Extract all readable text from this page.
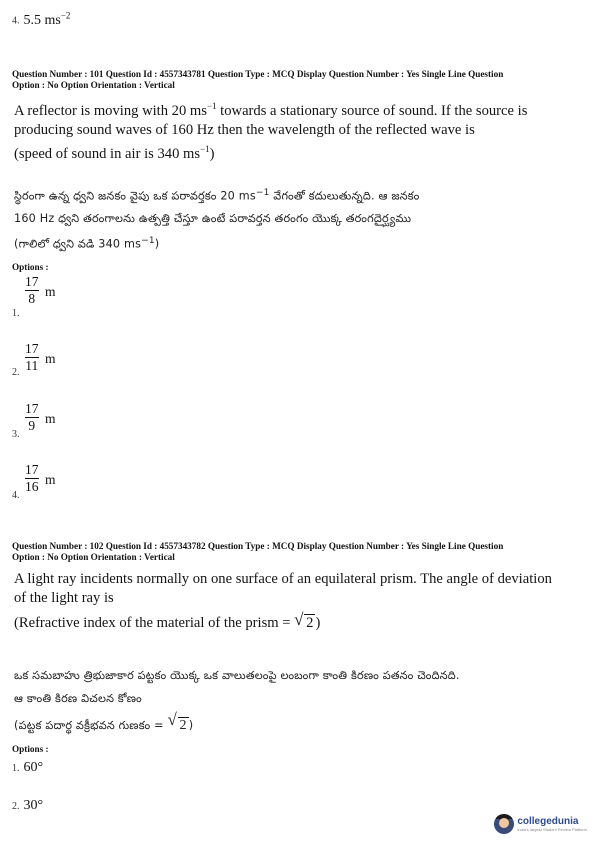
4. 5.5 $ms^{-2}$
Question Number : 101 Question Id : 4557343781 Question Type : MCQ Display Question Number : Yes Single Line Question
Option : No Option Orientation : Vertical
A reflector is moving with 20 $ms^{-1}$ towards a stationary source of sound. If the source is
producing sound waves of 160 Hz then the wavelength of the reflected wave is
(speed of sound in air is 340 $ms^{-1}$)
స్థిరంగా ఉన్న ధ్వని జనకం వైపు ఒక పరావర్తకం 20 $ms^{-1}$ వేగంతో కదులుతున్నది. ఆ జనకం
160 Hz ధ్వని తరంగాలను ఉత్పత్తి చేస్తూ ఉంటే పరావర్తన తరంగం యొక్క తరంగదైర్ఘ్యము
(గాలిలో ధ్వని వడి 340 $ms^{-1}$)
Options :
17
8 m
1.
17
11 m
2.
17
9 m
3.
17
16 m
4.
Question Number : 102 Question Id : 4557343782 Question Type : MCQ Display Question Number : Yes Single Line Question
Option : No Option Orientation : Vertical
A light ray incidents normally on one surface of an equilateral prism. The angle of deviation
of the light ray is
(Refractive index of the material of the prism = √ 2 )
ఒక సమబాహు త్రిభుజాకార పట్టకం యొక్క ఒక వాలుతలంపై లంబంగా కాంతి కిరణం పతనం చెందినది.
ఆ కాంతి కిరణ విచలన కోణం
(పట్టక పదార్థ వక్రీభవన గుణకం = √ 2 )
Options :
1. 60°
2. 30°
collegedunia
India's largest Student Review Platform
